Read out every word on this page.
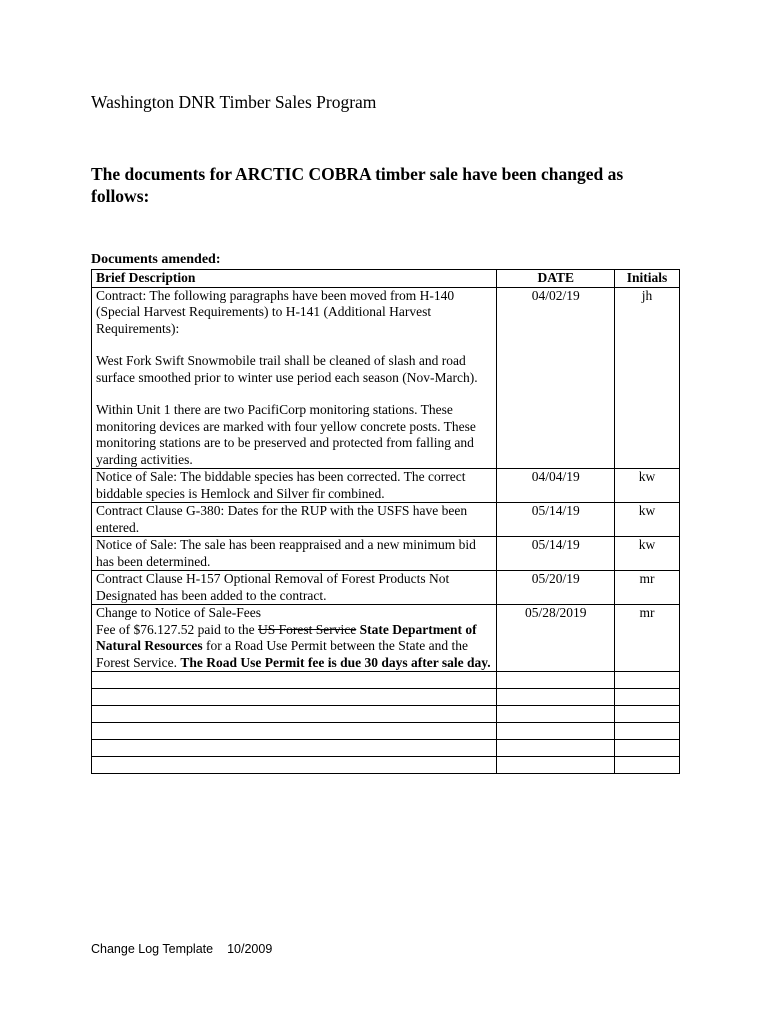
Washington DNR Timber Sales Program
The documents for ARCTIC COBRA timber sale have been changed as follows:
Documents amended:
Brief Description	DATE	Initials

Contract: The following paragraphs have been moved from H-140 (Special Harvest Requirements) to H-141 (Additional Harvest Requirements):

West Fork Swift Snowmobile trail shall be cleaned of slash and road surface smoothed prior to winter use period each season (Nov-March).

Within Unit 1 there are two PacifiCorp monitoring stations. These monitoring devices are marked with four yellow concrete posts. These monitoring stations are to be preserved and protected from falling and yarding activities.	04/02/19	jh
Notice of Sale: The biddable species has been corrected. The correct biddable species is Hemlock and Silver fir combined.	04/04/19	kw
Contract Clause G-380: Dates for the RUP with the USFS have been entered.	05/14/19	kw
Notice of Sale: The sale has been reappraised and a new minimum bid has been determined.	05/14/19	kw
Contract Clause H-157 Optional Removal of Forest Products Not Designated has been added to the contract.	05/20/19	mr
Change to Notice of Sale-Fees
Fee of $76.127.52 paid to the US Forest Service State Department of Natural Resources for a Road Use Permit between the State and the Forest Service. The Road Use Permit fee is due 30 days after sale day.	05/28/2019	mr

Change Log Template 10/2009
